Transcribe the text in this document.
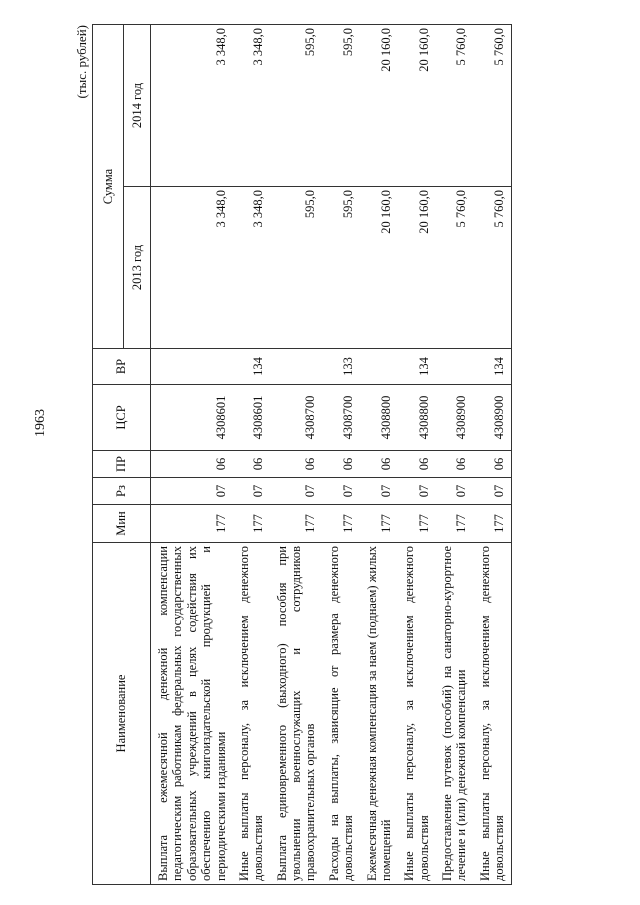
1963
(тыс. рублей)
Наименование	Мин	Рз	ПР	ЦСР	ВР	Сумма	
						2013 год	2014 год
Выплата ежемесячной денежной компенсации педагогическим работникам федеральных государственных образовательных учреждений в целях содействия их обеспечению книгоиздательской продукцией и периодическими изданиями	177	07	06	4308601		3 348,0	3 348,0
Иные выплаты персоналу, за исключением денежного довольствия	177	07	06	4308601	134	3 348,0	3 348,0
Выплата единовременного (выходного) пособия при увольнении военнослужащих и сотрудников правоохранительных органов	177	07	06	4308700		595,0	595,0
Расходы на выплаты, зависящие от размера денежного довольствия	177	07	06	4308700	133	595,0	595,0
Ежемесячная денежная компенсация за наем (поднаем) жилых помещений	177	07	06	4308800		20 160,0	20 160,0
Иные выплаты персоналу, за исключением денежного довольствия	177	07	06	4308800	134	20 160,0	20 160,0
Предоставление путевок (пособий) на санаторно-курортное лечение и (или) денежной компенсации	177	07	06	4308900		5 760,0	5 760,0
Иные выплаты персоналу, за исключением денежного довольствия	177	07	06	4308900	134	5 760,0	5 760,0
